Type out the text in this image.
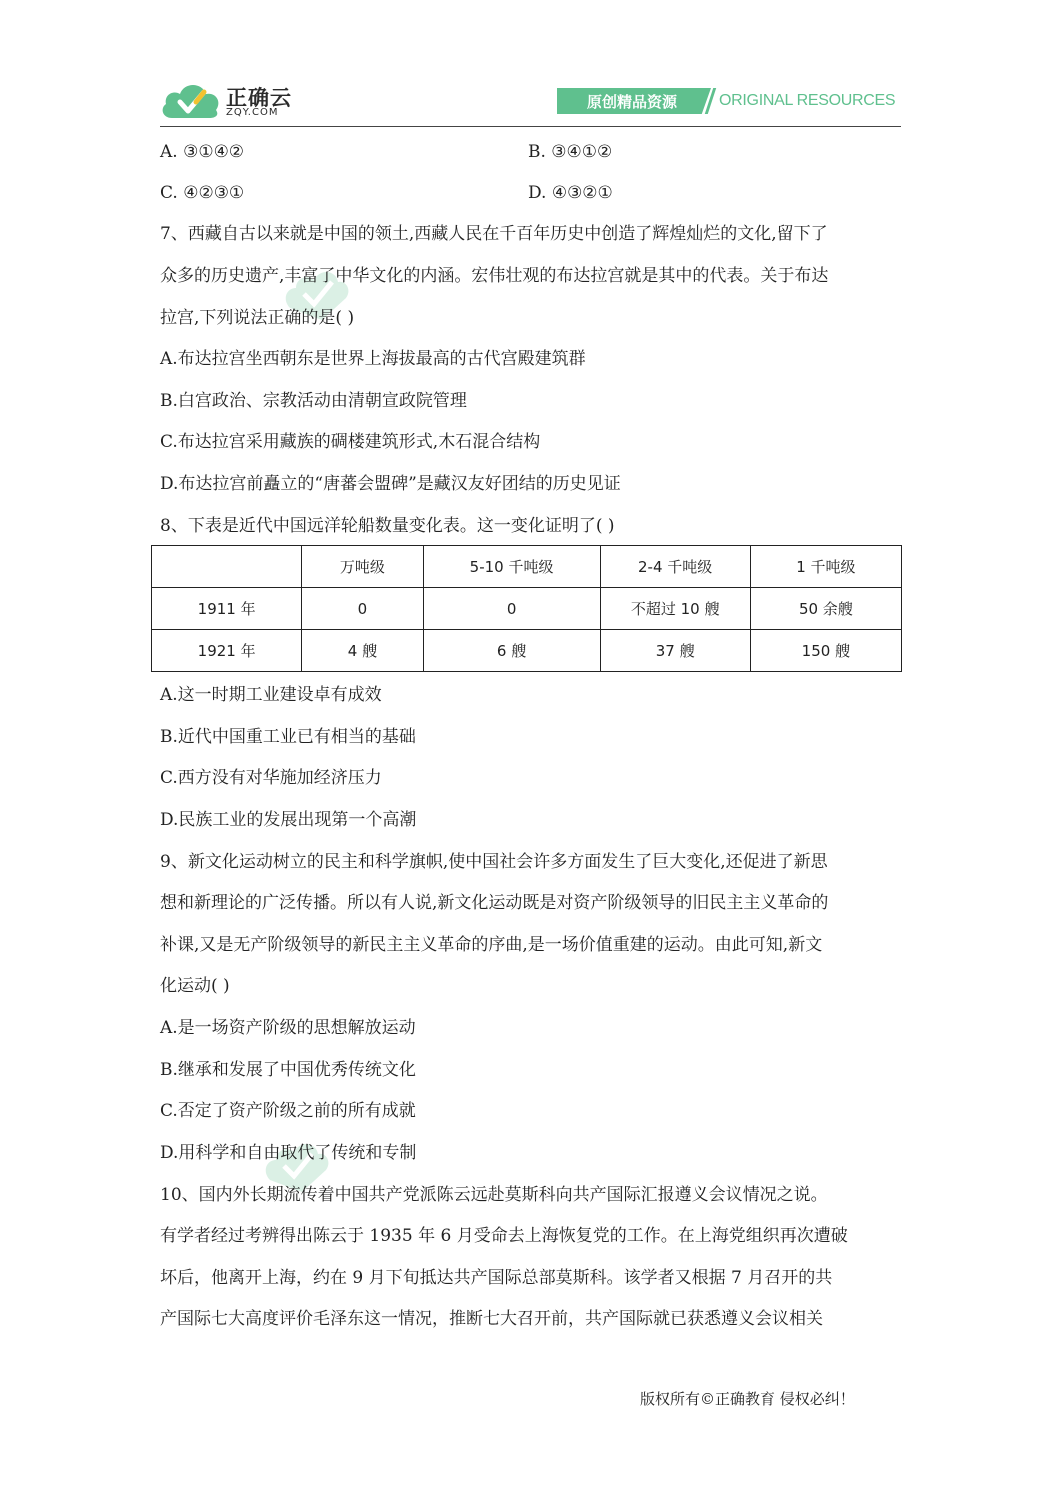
正确云
ZQY.COM
原创精品资源	ORIGINAL RESOURCES
A. ③①④②	B. ③④①②
C. ④②③①	D. ④③②①
7、西藏自古以来就是中国的领土,西藏人民在千百年历史中创造了辉煌灿烂的文化,留下了
众多的历史遗产,丰富了中华文化的内涵。宏伟壮观的布达拉宫就是其中的代表。关于布达
拉宫,下列说法正确的是( )
A.布达拉宫坐西朝东是世界上海拔最高的古代宫殿建筑群
B.白宫政治、宗教活动由清朝宣政院管理
C.布达拉宫采用藏族的碉楼建筑形式,木石混合结构
D.布达拉宫前矗立的“唐蕃会盟碑”是藏汉友好团结的历史见证
8、下表是近代中国远洋轮船数量变化表。这一变化证明了( )
	万吨级	5-10 千吨级	2-4 千吨级	1 千吨级
1911 年	0	0	不超过 10 艘	50 余艘
1921 年	4 艘	6 艘	37 艘	150 艘
A.这一时期工业建设卓有成效
B.近代中国重工业已有相当的基础
C.西方没有对华施加经济压力
D.民族工业的发展出现第一个高潮
9、新文化运动树立的民主和科学旗帜,使中国社会许多方面发生了巨大变化,还促进了新思
想和新理论的广泛传播。所以有人说,新文化运动既是对资产阶级领导的旧民主主义革命的
补课,又是无产阶级领导的新民主主义革命的序曲,是一场价值重建的运动。由此可知,新文
化运动( )
A.是一场资产阶级的思想解放运动
B.继承和发展了中国优秀传统文化
C.否定了资产阶级之前的所有成就
D.用科学和自由取代了传统和专制
10、国内外长期流传着中国共产党派陈云远赴莫斯科向共产国际汇报遵义会议情况之说。
有学者经过考辨得出陈云于 1935 年 6 月受命去上海恢复党的工作。在上海党组织再次遭破
坏后，他离开上海，约在 9 月下旬抵达共产国际总部莫斯科。该学者又根据 7 月召开的共
产国际七大高度评价毛泽东这一情况，推断七大召开前，共产国际就已获悉遵义会议相关
版权所有©正确教育 侵权必纠！
